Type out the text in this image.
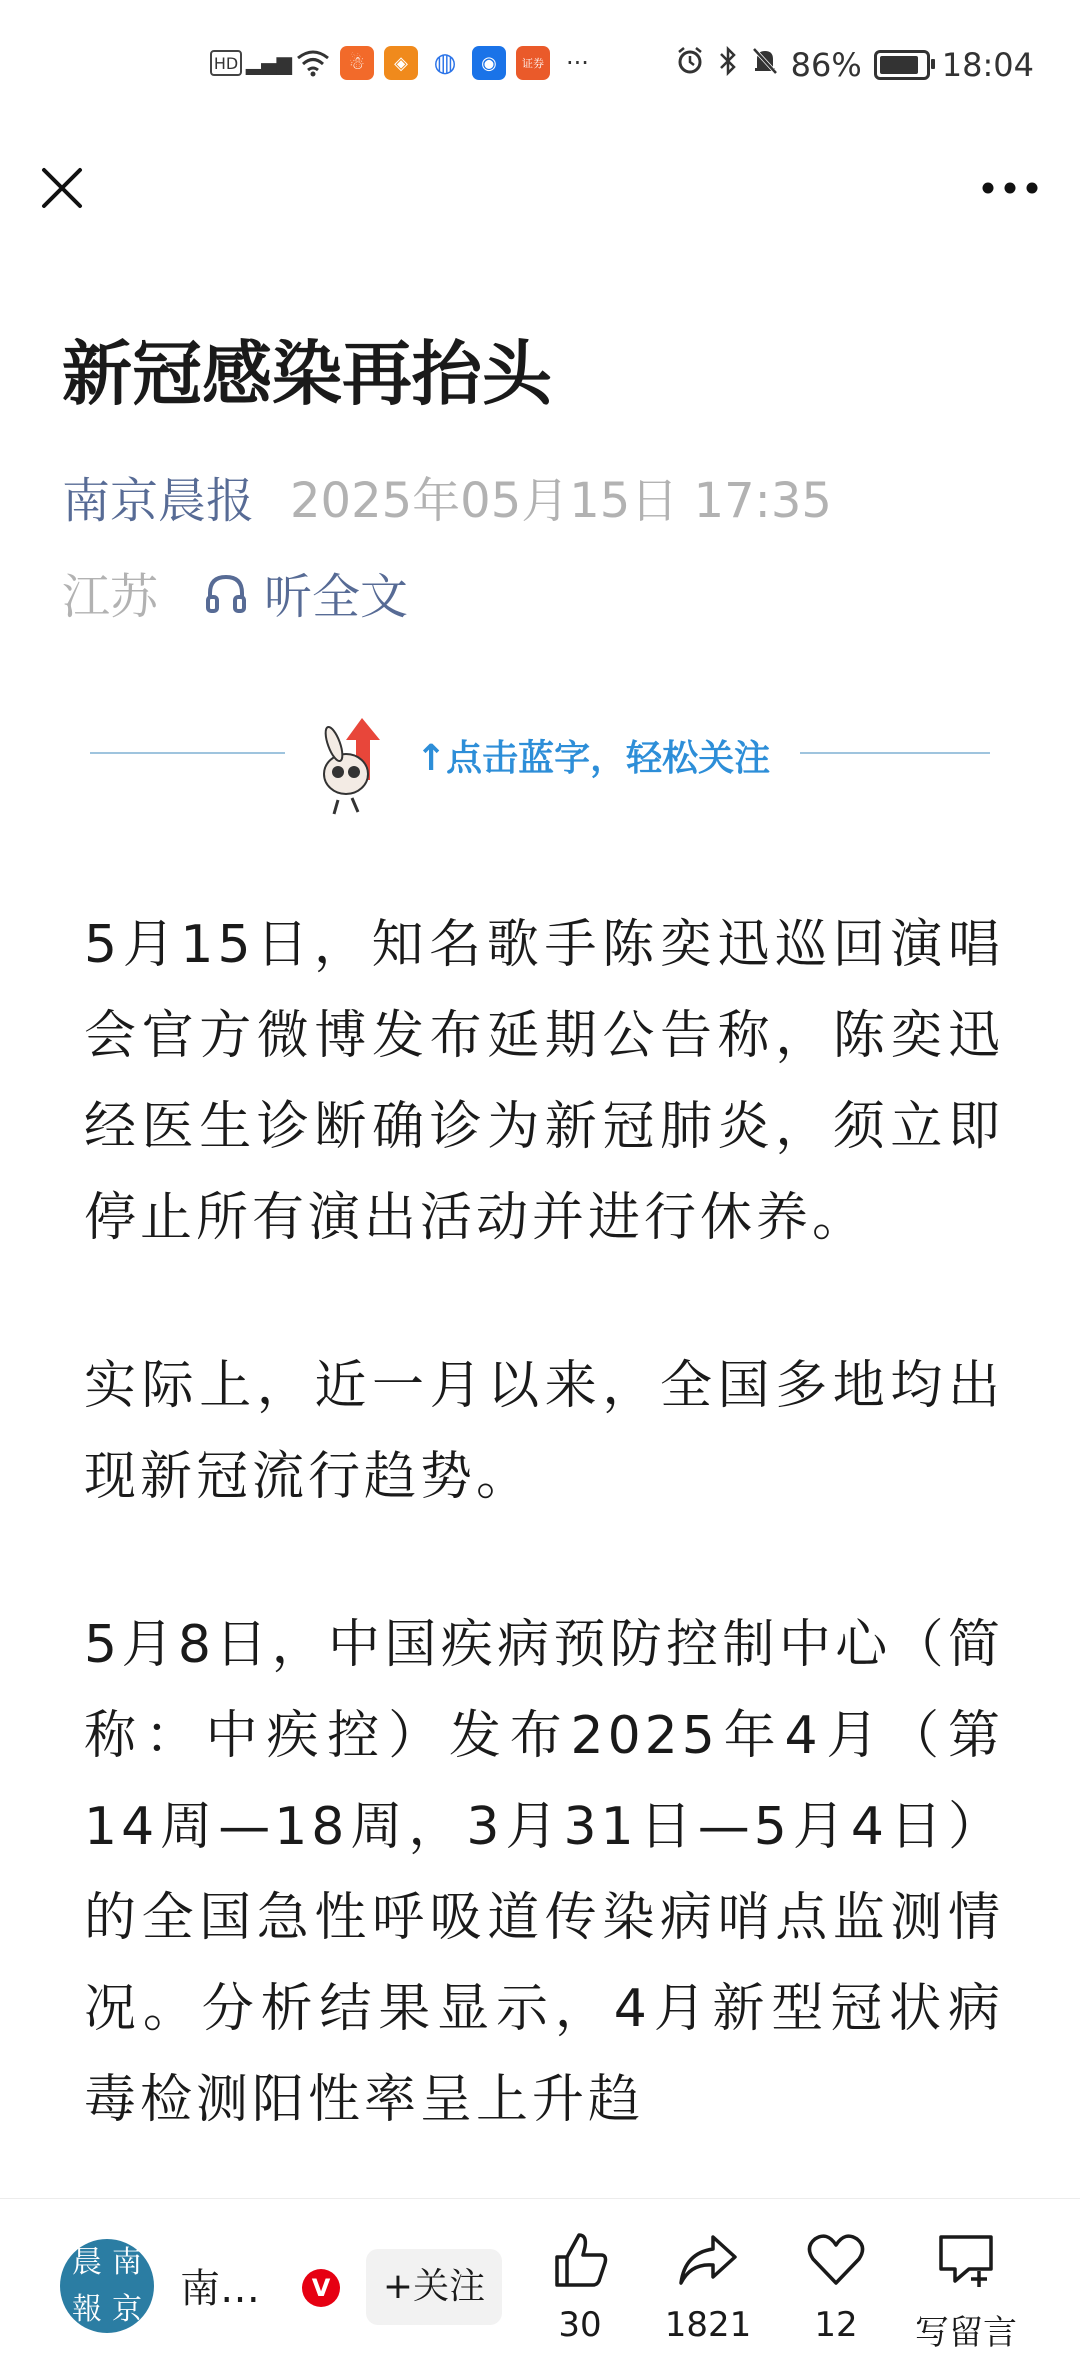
HD ▂▄▆	☃	◈ ◍	◉	证券 ···	86%	18:04
新冠感染再抬头
南京晨报 2025年05月15日 17:35
江苏 听全文
↑点击蓝字，轻松关注

5月15日，知名歌手陈奕迅巡回演唱会官方微博发布延期公告称，陈奕迅经医生诊断确诊为新冠肺炎，须立即停止所有演出活动并进行休养。

实际上，近一月以来，全国多地均出现新冠流行趋势。

5月8日，中国疾病预防控制中心（简称：中疾控）发布2025年4月（第14周—18周，3月31日—5月4日）的全国急性呼吸道传染病哨点监测情况。分析结果显示，4月新型冠状病毒检测阳性率呈上升趋

晨 南
報 京 南…	V	+关注
30	1821	12	写留言
